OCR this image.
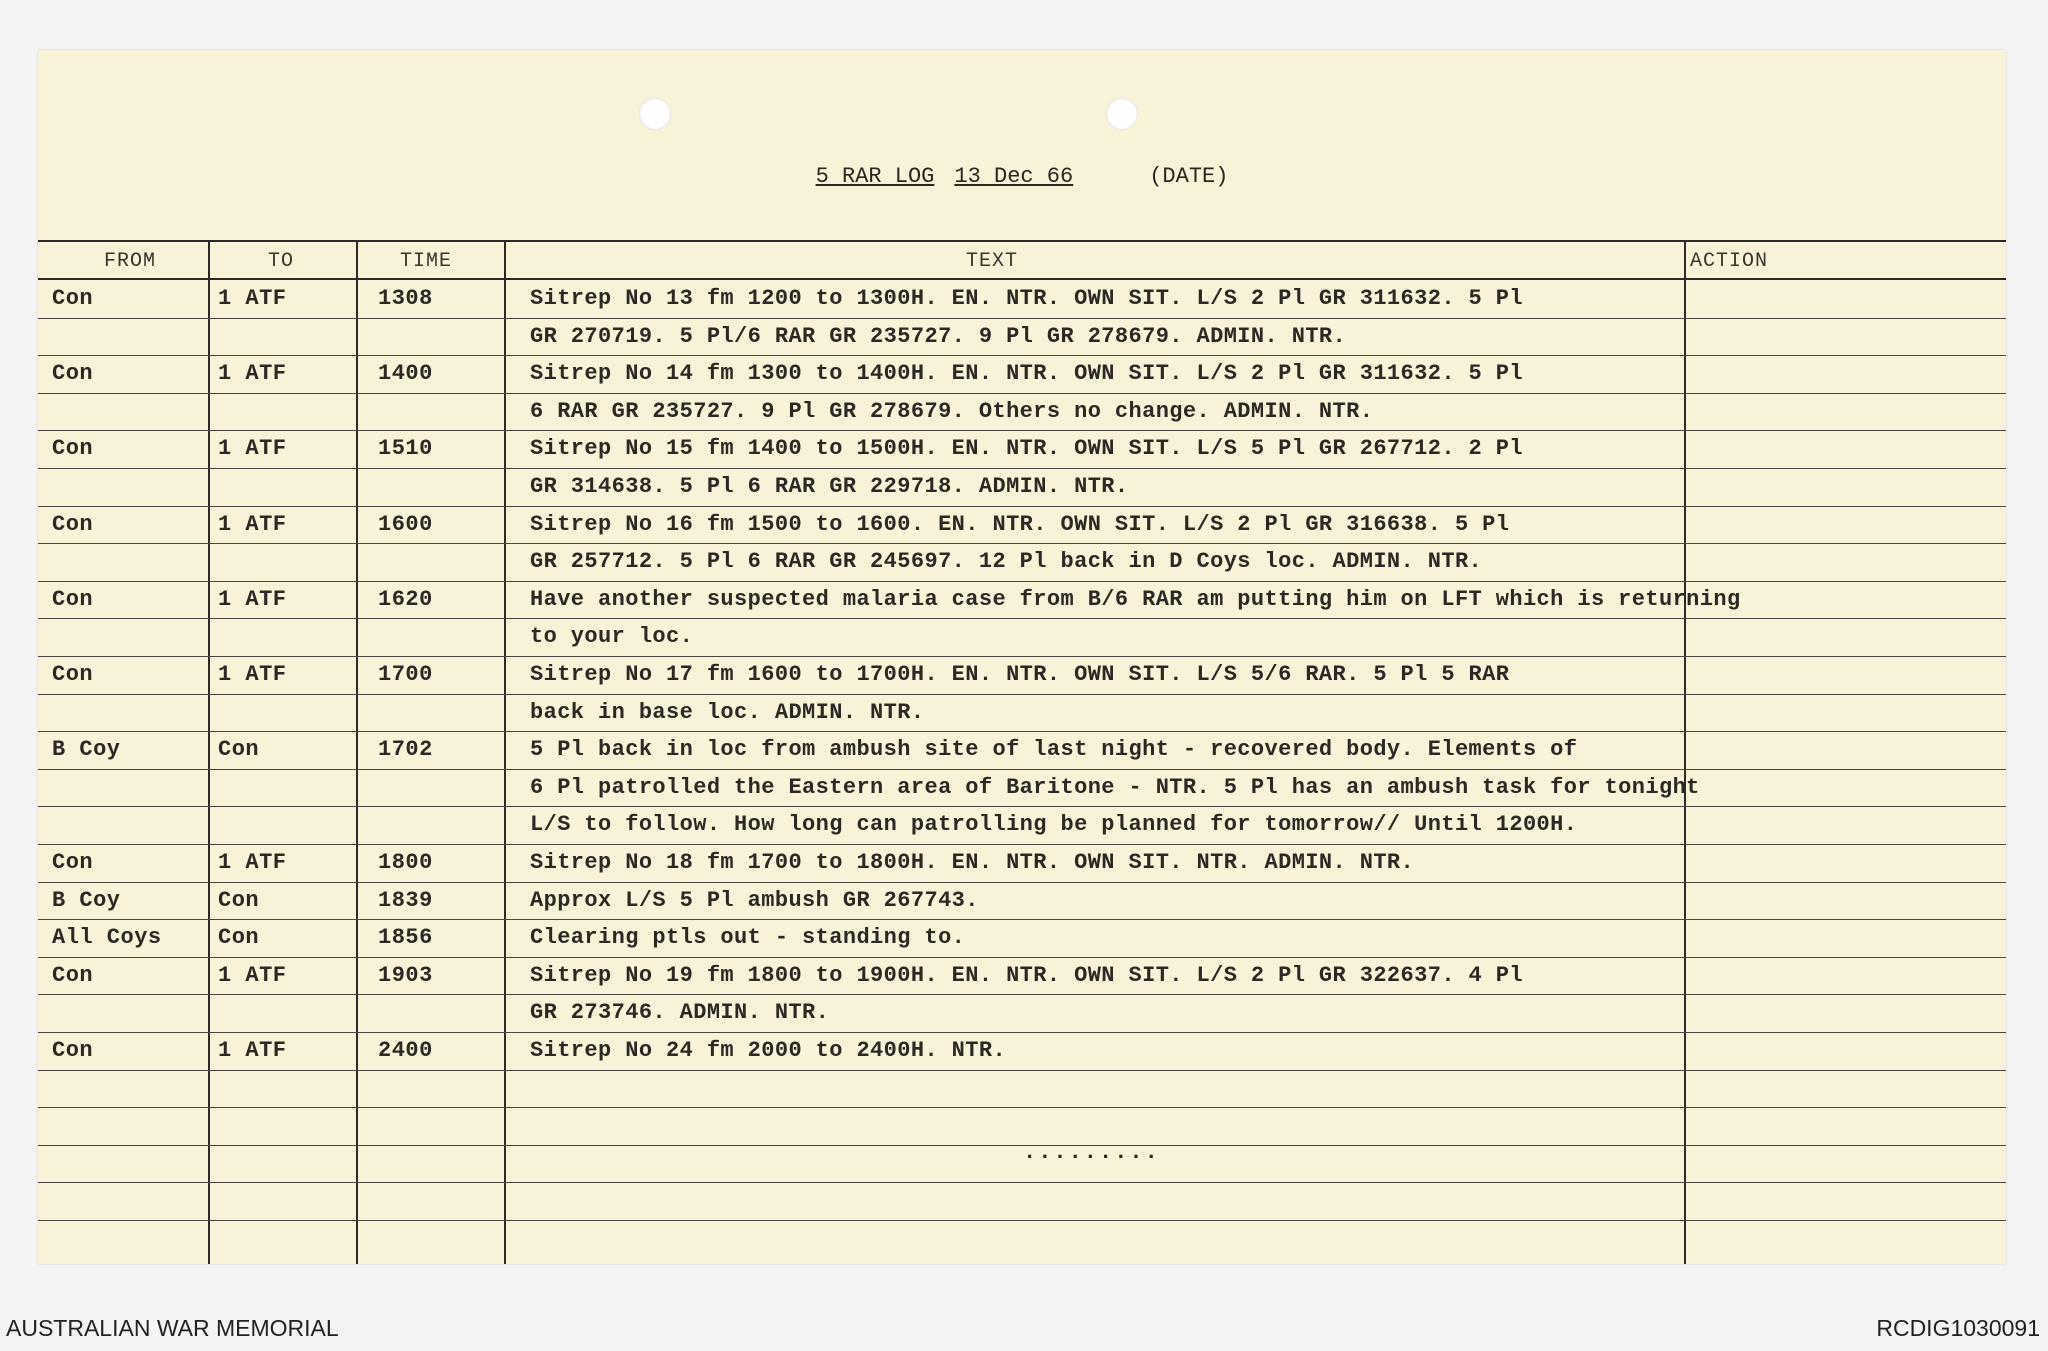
5 RAR LOG 13 Dec 66	(DATE)
FROM	TO	TIME	TEXT	ACTION
Con	1 ATF	1308	Sitrep No 13 fm 1200 to 1300H. EN. NTR. OWN SIT. L/S 2 Pl GR 311632. 5 Pl
GR 270719. 5 Pl/6 RAR GR 235727. 9 Pl GR 278679. ADMIN. NTR.
Con	1 ATF	1400	Sitrep No 14 fm 1300 to 1400H. EN. NTR. OWN SIT. L/S 2 Pl GR 311632. 5 Pl
6 RAR GR 235727. 9 Pl GR 278679. Others no change. ADMIN. NTR.
Con	1 ATF	1510	Sitrep No 15 fm 1400 to 1500H. EN. NTR. OWN SIT. L/S 5 Pl GR 267712. 2 Pl
GR 314638. 5 Pl 6 RAR GR 229718. ADMIN. NTR.
Con	1 ATF	1600	Sitrep No 16 fm 1500 to 1600. EN. NTR. OWN SIT. L/S 2 Pl GR 316638. 5 Pl
GR 257712. 5 Pl 6 RAR GR 245697. 12 Pl back in D Coys loc. ADMIN. NTR.
Con	1 ATF	1620	Have another suspected malaria case from B/6 RAR am putting him on LFT which is returning
to your loc.
Con	1 ATF	1700	Sitrep No 17 fm 1600 to 1700H. EN. NTR. OWN SIT. L/S 5/6 RAR. 5 Pl 5 RAR
back in base loc. ADMIN. NTR.
B Coy	Con	1702	5 Pl back in loc from ambush site of last night - recovered body. Elements of
6 Pl patrolled the Eastern area of Baritone - NTR. 5 Pl has an ambush task for tonight
L/S to follow. How long can patrolling be planned for tomorrow// Until 1200H.
Con	1 ATF	1800	Sitrep No 18 fm 1700 to 1800H. EN. NTR. OWN SIT. NTR. ADMIN. NTR.
B Coy	Con	1839	Approx L/S 5 Pl ambush GR 267743.
All Coys	Con	1856	Clearing ptls out - standing to.
Con	1 ATF	1903	Sitrep No 19 fm 1800 to 1900H. EN. NTR. OWN SIT. L/S 2 Pl GR 322637. 4 Pl
GR 273746. ADMIN. NTR.
Con	1 ATF	2400	Sitrep No 24 fm 2000 to 2400H. NTR.
.........
AUSTRALIAN WAR MEMORIAL	RCDIG1030091
